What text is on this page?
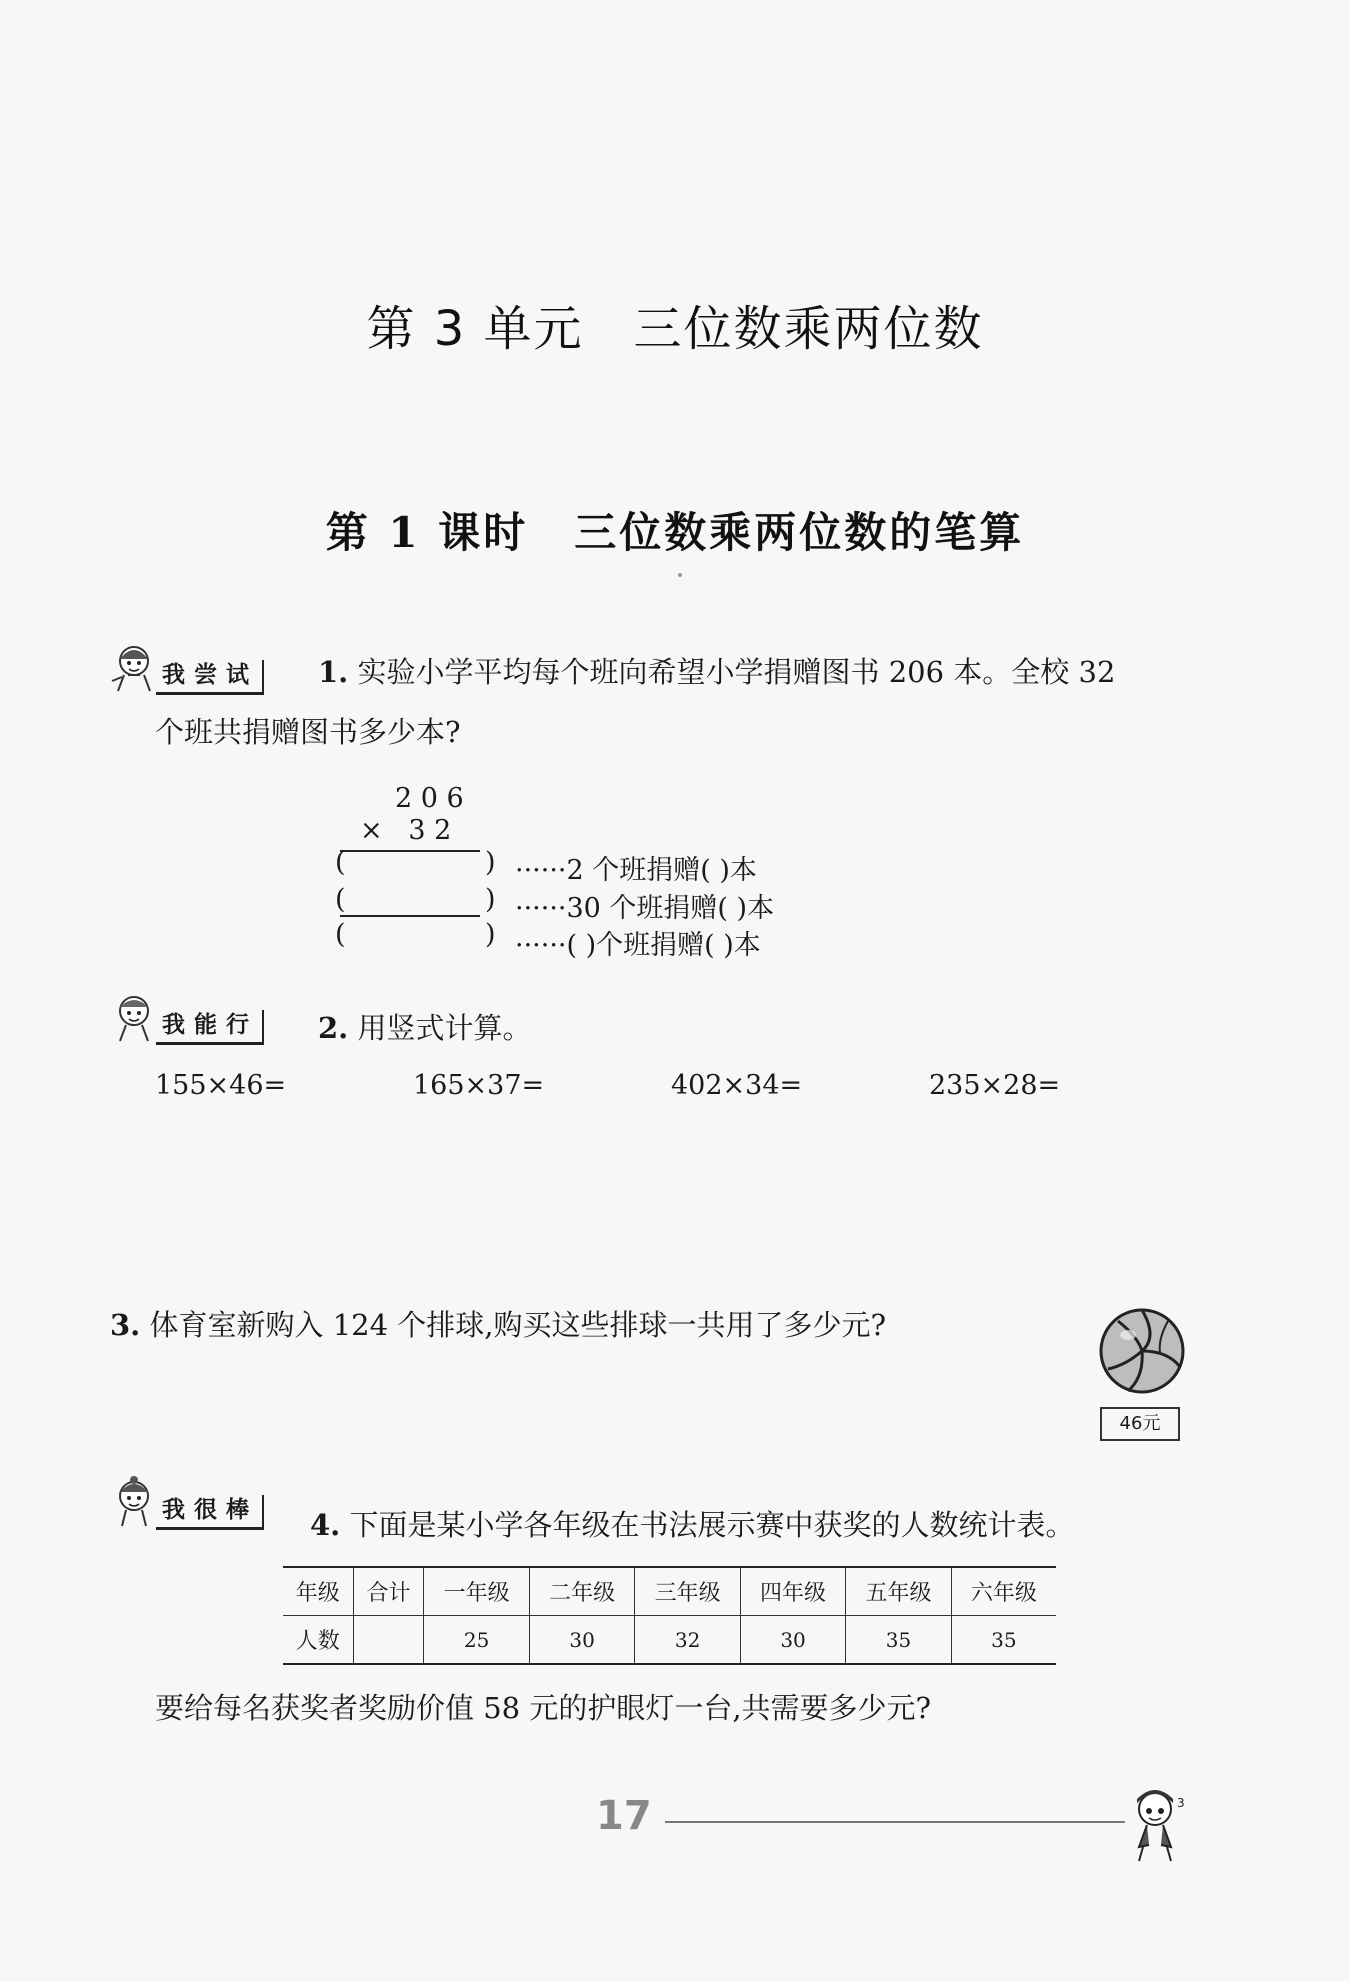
第 3 单元 三位数乘两位数
第 1 课时 三位数乘两位数的笔算
我尝试 1. 实验小学平均每个班向希望小学捐赠图书 206 本。全校 32
个班共捐赠图书多少本?
2 0 6
×   3 2
(	)
(	)
(	)
······2 个班捐赠( )本
······30 个班捐赠( )本
······( )个班捐赠( )本
我能行 2. 用竖式计算。
155×46=	165×37=	402×34=	235×28=
3. 体育室新购入 124 个排球,购买这些排球一共用了多少元?
46元
我很棒 4. 下面是某小学各年级在书法展示赛中获奖的人数统计表。
年级	合计	一年级	二年级	三年级	四年级	五年级	六年级
人数		25	30	32	30	35	35
要给每名获奖者奖励价值 58 元的护眼灯一台,共需要多少元?
17	3
